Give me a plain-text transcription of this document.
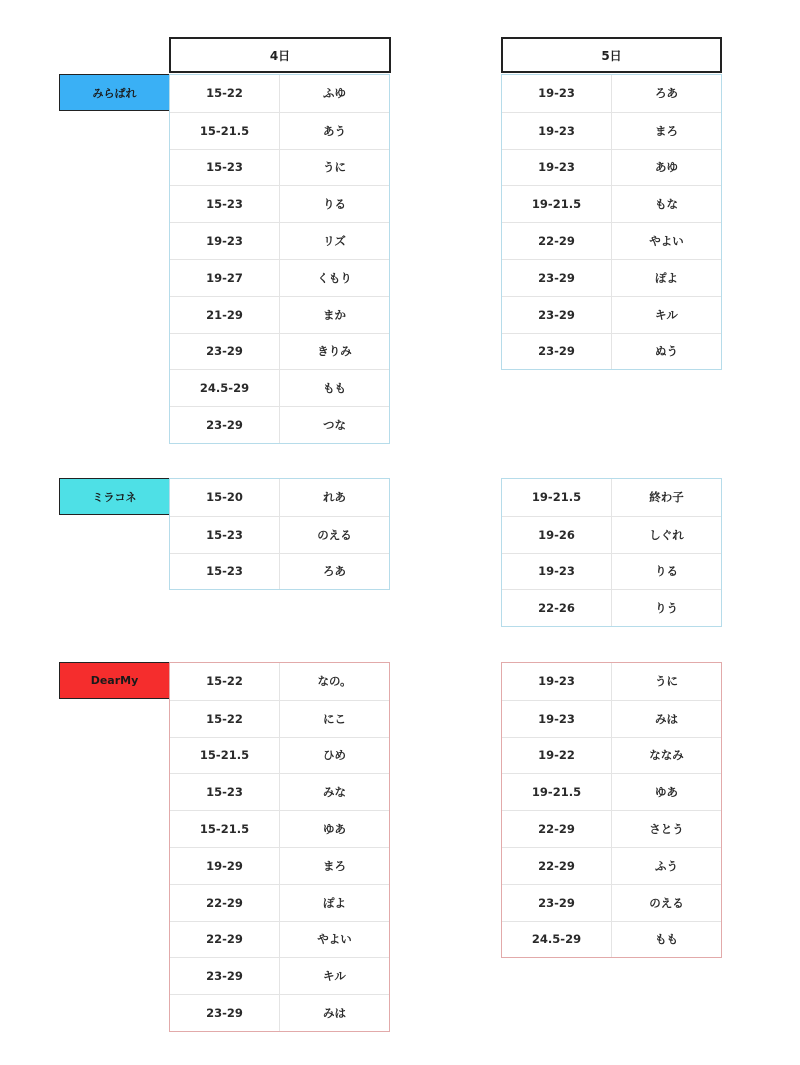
4日	5日
みらぱれ	15-22	ふゆ
15-21.5	あう
15-23	うに
15-23	りる
19-23	リズ
19-27	くもり
21-29	まか
23-29	きりみ
24.5-29	もも
23-29	つな
19-23	ろあ
19-23	まろ
19-23	あゆ
19-21.5	もな
22-29	やよい
23-29	ぽよ
23-29	キル
23-29	ぬう
ミラコネ	15-20	れあ
15-23	のえる
15-23	ろあ
19-21.5	終わ子
19-26	しぐれ
19-23	りる
22-26	りう
DearMy	15-22	なの。
15-22	にこ
15-21.5	ひめ
15-23	みな
15-21.5	ゆあ
19-29	まろ
22-29	ぽよ
22-29	やよい
23-29	キル
23-29	みは
19-23	うに
19-23	みは
19-22	ななみ
19-21.5	ゆあ
22-29	さとう
22-29	ふう
23-29	のえる
24.5-29	もも
